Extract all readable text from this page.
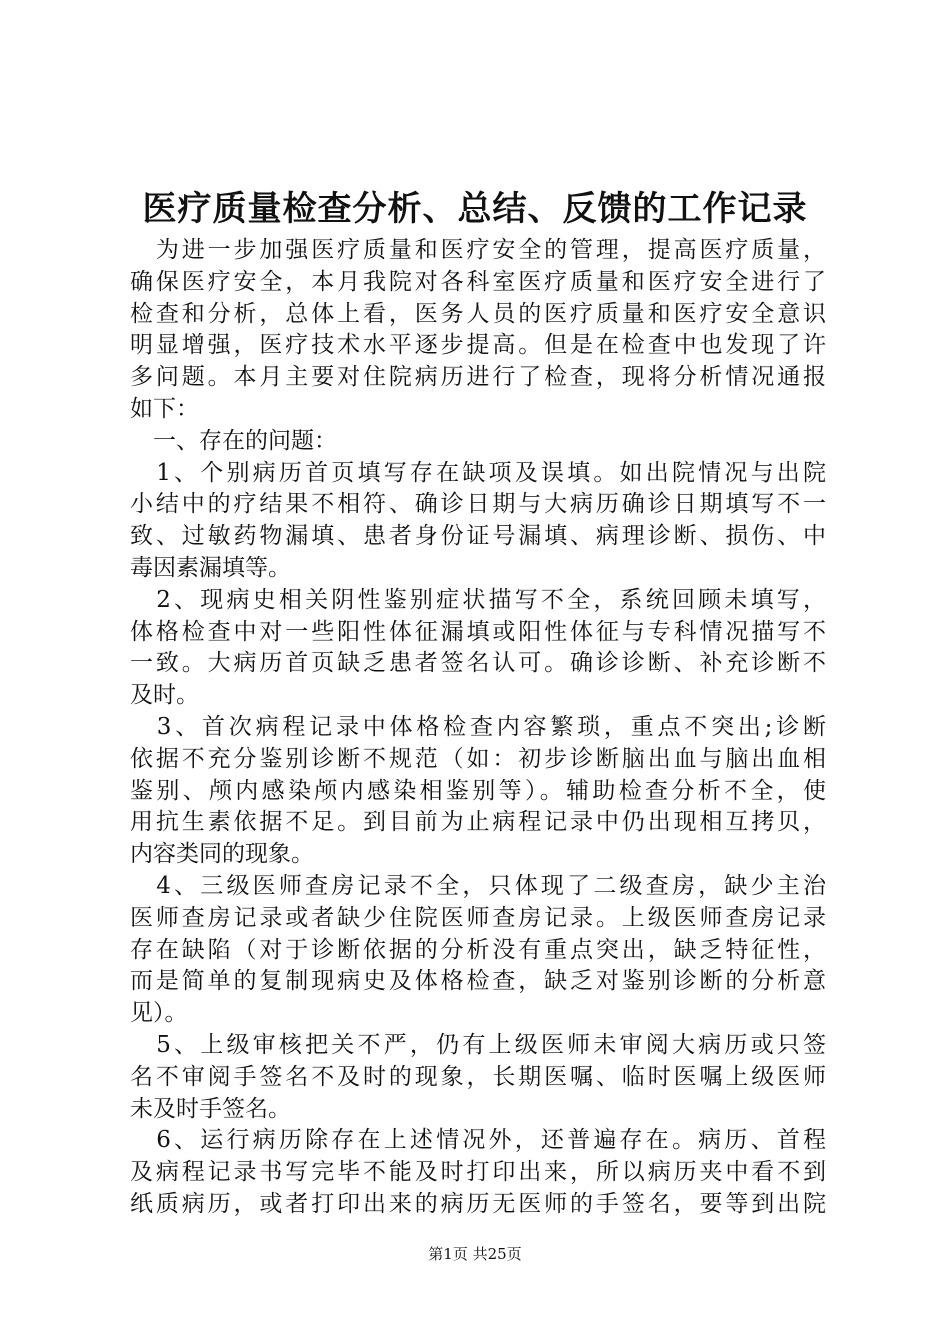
医疗质量检查分析、总结、反馈的工作记录
　为进一步加强医疗质量和医疗安全的管理，提高医疗质量，
确保医疗安全，本月我院对各科室医疗质量和医疗安全进行了
检查和分析，总体上看，医务人员的医疗质量和医疗安全意识
明显增强，医疗技术水平逐步提高。但是在检查中也发现了许
多问题。本月主要对住院病历进行了检查，现将分析情况通报
如下：
　一、存在的问题：
　1、个别病历首页填写存在缺项及误填。如出院情况与出院
小结中的疗结果不相符、确诊日期与大病历确诊日期填写不一
致、过敏药物漏填、患者身份证号漏填、病理诊断、损伤、中
毒因素漏填等。
　2、现病史相关阴性鉴别症状描写不全，系统回顾未填写，
体格检查中对一些阳性体征漏填或阳性体征与专科情况描写不
一致。大病历首页缺乏患者签名认可。确诊诊断、补充诊断不
及时。
　3、首次病程记录中体格检查内容繁琐，重点不突出;诊断
依据不充分鉴别诊断不规范（如：初步诊断脑出血与脑出血相
鉴别、颅内感染颅内感染相鉴别等）。辅助检查分析不全，使
用抗生素依据不足。到目前为止病程记录中仍出现相互拷贝，
内容类同的现象。
　4、三级医师查房记录不全，只体现了二级查房，缺少主治
医师查房记录或者缺少住院医师查房记录。上级医师查房记录
存在缺陷（对于诊断依据的分析没有重点突出，缺乏特征性，
而是简单的复制现病史及体格检查，缺乏对鉴别诊断的分析意
见）。
　5、上级审核把关不严，仍有上级医师未审阅大病历或只签
名不审阅手签名不及时的现象，长期医嘱、临时医嘱上级医师
未及时手签名。
　6、运行病历除存在上述情况外，还普遍存在。病历、首程
及病程记录书写完毕不能及时打印出来，所以病历夹中看不到
纸质病历，或者打印出来的病历无医师的手签名，要等到出院
第1页 共25页
